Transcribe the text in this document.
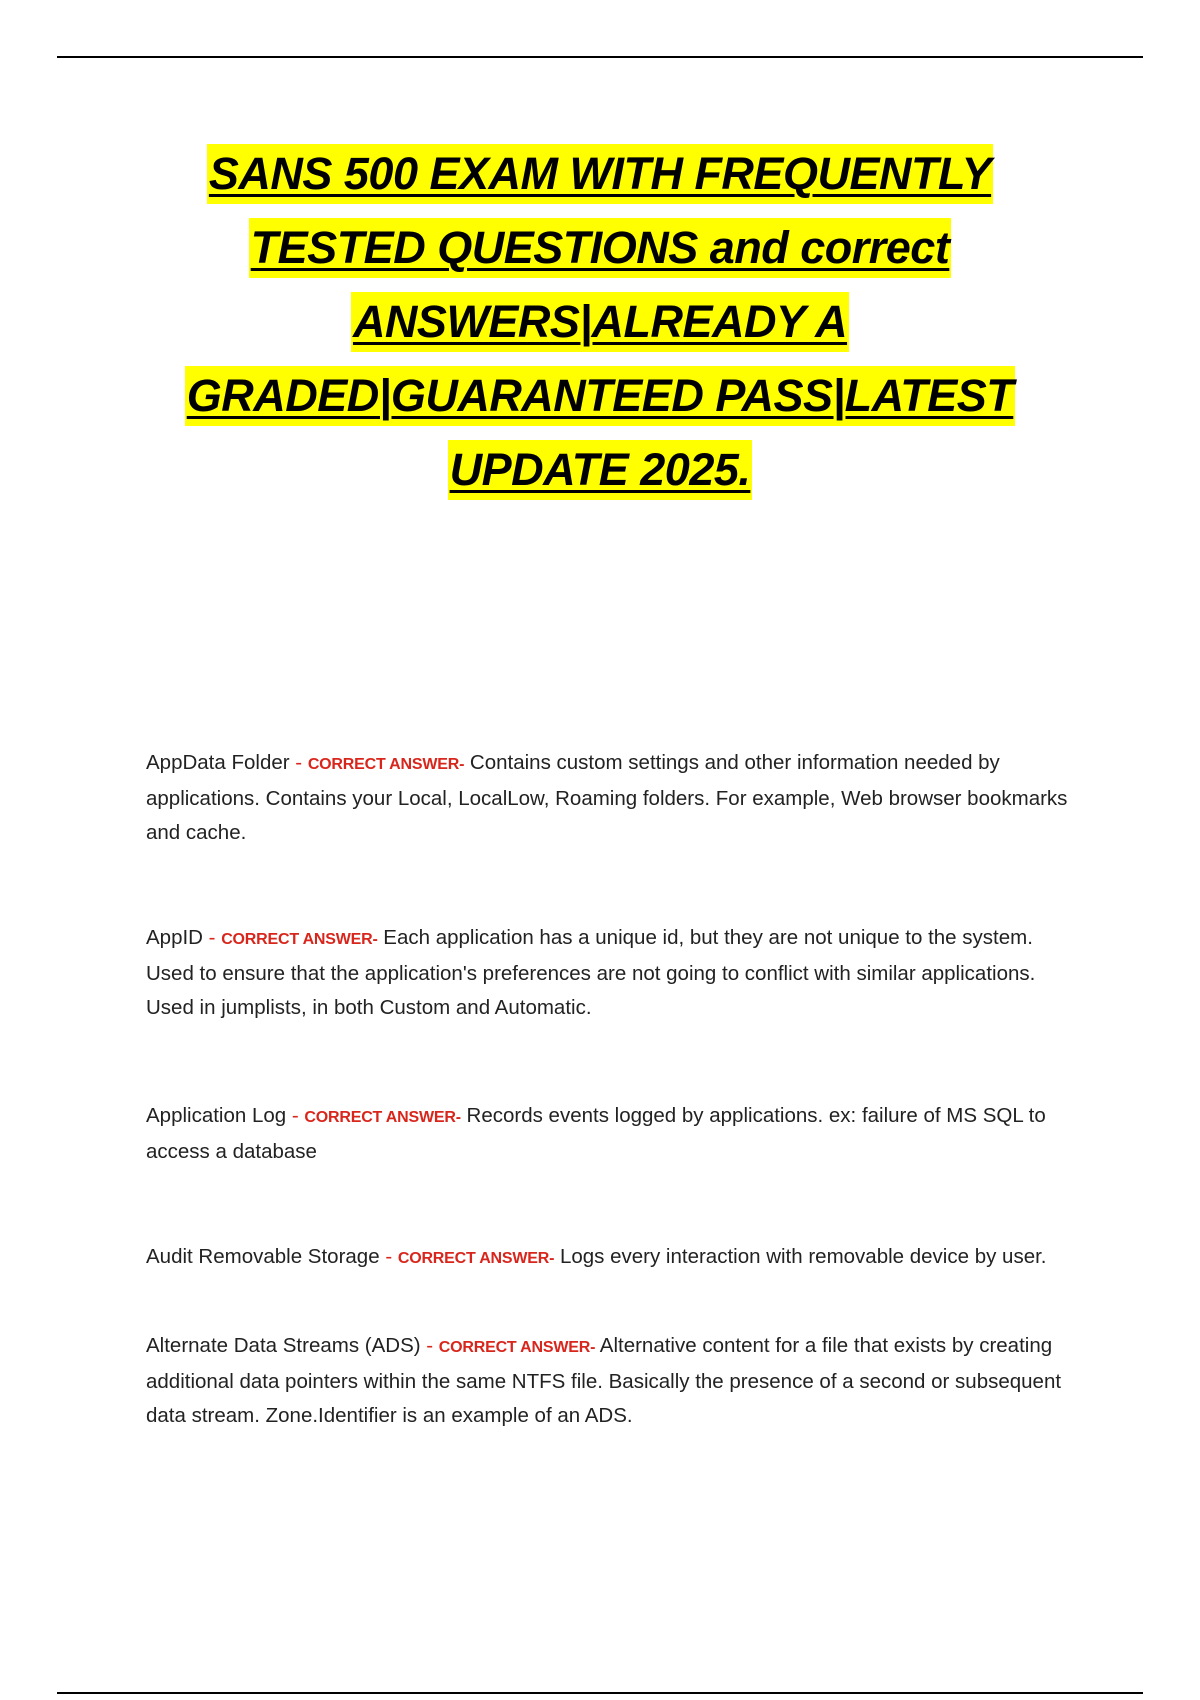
SANS 500 EXAM WITH FREQUENTLY
TESTED QUESTIONS and correct
ANSWERS|ALREADY A
GRADED|GUARANTEED PASS|LATEST
UPDATE 2025.

AppData Folder - CORRECT ANSWER- Contains custom settings and other information needed by applications. Contains your Local, LocalLow, Roaming folders. For example, Web browser bookmarks and cache.

AppID - CORRECT ANSWER- Each application has a unique id, but they are not unique to the system. Used to ensure that the application's preferences are not going to conflict with similar applications. Used in jumplists, in both Custom and Automatic.

Application Log - CORRECT ANSWER- Records events logged by applications. ex: failure of MS SQL to access a database

Audit Removable Storage - CORRECT ANSWER- Logs every interaction with removable device by user.

Alternate Data Streams (ADS) - CORRECT ANSWER- Alternative content for a file that exists by creating additional data pointers within the same NTFS file. Basically the presence of a second or subsequent data stream. Zone.Identifier is an example of an ADS.
